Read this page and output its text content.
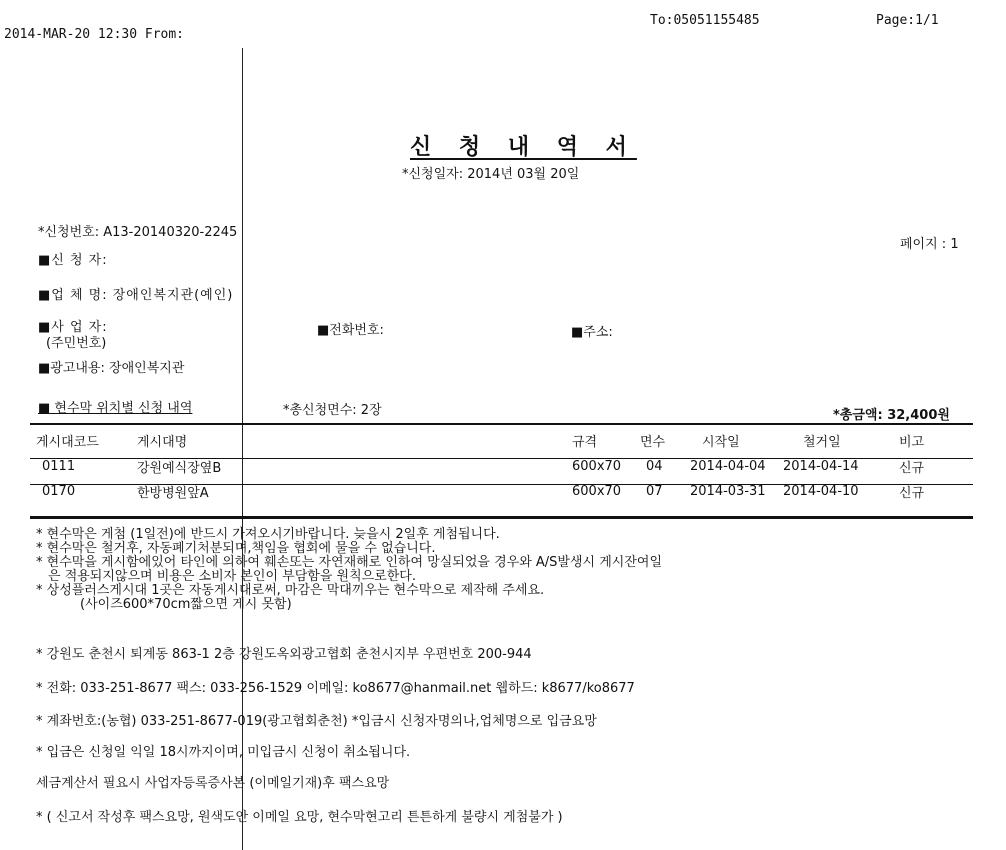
2014-MAR-20 12:30 From:
To:05051155485	Page:1/1
신 청 내 역 서
*신청일자: 2014년 03월 20일
*신청번호: A13-20140320-2245
페이지 : 1
■신 청 자:
■업 체 명: 장애인복지관(예인)
■사 업 자:
(주민번호)
■전화번호:	■주소:
■광고내용: 장애인복지관
■ 현수막 위치별 신청 내역	*총신청면수: 2장	*총금액: 32,400원
게시대코드	게시대명	규격	면수	시작일	철거일	비고
0111	강원예식장옆B	600x70	04	2014-04-04	2014-04-14	신규
0170	한방병원앞A	600x70	07	2014-03-31	2014-04-10	신규
* 현수막은 게첨 (1일전)에 반드시 가져오시기바랍니다. 늦을시 2일후 게첨됩니다.
* 현수막은 철거후, 자동폐기처분되며,책임을 협회에 물을 수 없습니다.
* 현수막을 게시함에있어 타인에 의하여 훼손또는 자연재해로 인하여 망실되었을 경우와 A/S발생시 게시잔여일
은 적용되지않으며 비용은 소비자 본인이 부담함을 원칙으로한다.
* 상성플러스게시대 1곳은 자동게시대로써, 마감은 막대끼우는 현수막으로 제작해 주세요.
(사이즈600*70cm짧으면 게시 못함)
* 강원도 춘천시 퇴계동 863-1 2층 강원도옥외광고협회 춘천시지부 우편번호 200-944
* 전화: 033-251-8677 팩스: 033-256-1529 이메일: ko8677@hanmail.net 웹하드: k8677/ko8677
* 계좌번호:(농협) 033-251-8677-019(광고협회춘천) *입금시 신청자명의나,업체명으로 입금요망
* 입금은 신청일 익일 18시까지이며, 미입금시 신청이 취소됩니다.
세금계산서 필요시 사업자등록증사본 (이메일기재)후 팩스요망
* ( 신고서 작성후 팩스요망, 원색도안 이메일 요망, 현수막현고리 튼튼하게 불량시 게첨불가 )
